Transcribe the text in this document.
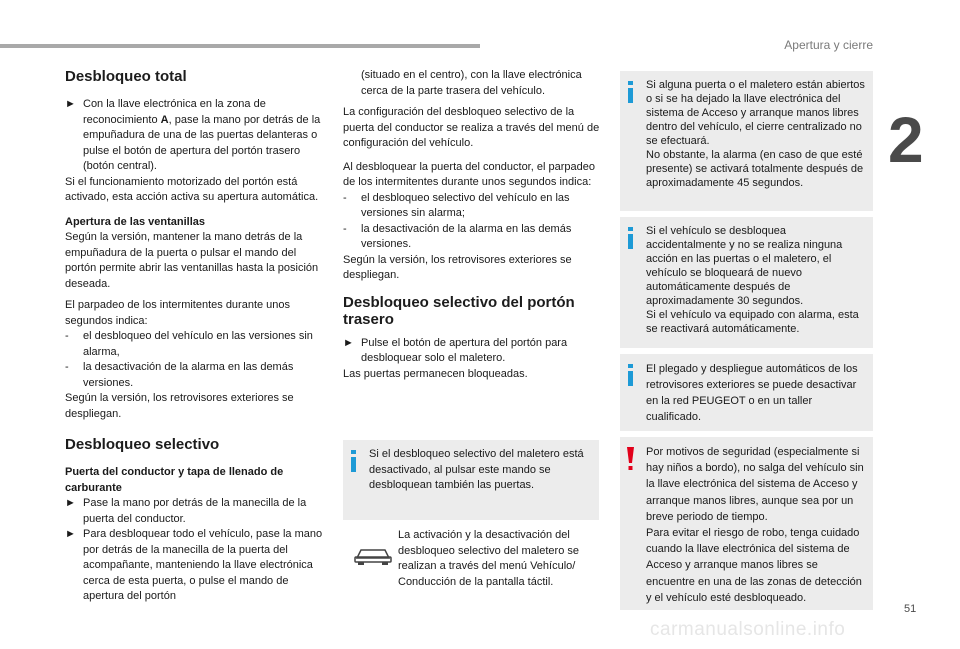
Apertura y cierre
2
51
carmanualsonline.info

Desbloqueo total

► Con la llave electrónica en la zona de reconocimiento A, pase la mano por detrás de la empuñadura de una de las puertas delanteras o pulse el botón de apertura del portón trasero (botón central).

Si el funcionamiento motorizado del portón está activado, esta acción activa su apertura automática.

Apertura de las ventanillas

Según la versión, mantener la mano detrás de la empuñadura de la puerta o pulsar el mando del portón permite abrir las ventanillas hasta la posición deseada.

El parpadeo de los intermitentes durante unos segundos indica:

-	el desbloqueo del vehículo en las versiones sin alarma,

-	la desactivación de la alarma en las demás versiones.

Según la versión, los retrovisores exteriores se despliegan.

Desbloqueo selectivo

Puerta del conductor y tapa de llenado de carburante

► Pase la mano por detrás de la manecilla de la puerta del conductor.

► Para desbloquear todo el vehículo, pase la mano por detrás de la manecilla de la puerta del acompañante, manteniendo la llave electrónica cerca de esta puerta, o pulse el mando de apertura del portón

(situado en el centro), con la llave electrónica cerca de la parte trasera del vehículo.

La configuración del desbloqueo selectivo de la puerta del conductor se realiza a través del menú de configuración del vehículo.

Al desbloquear la puerta del conductor, el parpadeo de los intermitentes durante unos segundos indica:

-	el desbloqueo selectivo del vehículo en las versiones sin alarma;

-	la desactivación de la alarma en las demás versiones.

Según la versión, los retrovisores exteriores se despliegan.

Desbloqueo selectivo del portón trasero

► Pulse el botón de apertura del portón para desbloquear solo el maletero.

Las puertas permanecen bloqueadas.

Si el desbloqueo selectivo del maletero está desactivado, al pulsar este mando se desbloquean también las puertas.

La activación y la desactivación del desbloqueo selectivo del maletero se realizan a través del menú Vehículo/ Conducción de la pantalla táctil.

Si alguna puerta o el maletero están abiertos o si se ha dejado la llave electrónica del sistema de Acceso y arranque manos libres dentro del vehículo, el cierre centralizado no se efectuará.

No obstante, la alarma (en caso de que esté presente) se activará totalmente después de aproximadamente 45 segundos.

Si el vehículo se desbloquea accidentalmente y no se realiza ninguna acción en las puertas o el maletero, el vehículo se bloqueará de nuevo automáticamente después de aproximadamente 30 segundos.

Si el vehículo va equipado con alarma, esta se reactivará automáticamente.

El plegado y despliegue automáticos de los retrovisores exteriores se puede desactivar en la red PEUGEOT o en un taller cualificado.

Por motivos de seguridad (especialmente si hay niños a bordo), no salga del vehículo sin la llave electrónica del sistema de Acceso y arranque manos libres, aunque sea por un breve periodo de tiempo.

Para evitar el riesgo de robo, tenga cuidado cuando la llave electrónica del sistema de Acceso y arranque manos libres se encuentre en una de las zonas de detección y el vehículo esté desbloqueado.
